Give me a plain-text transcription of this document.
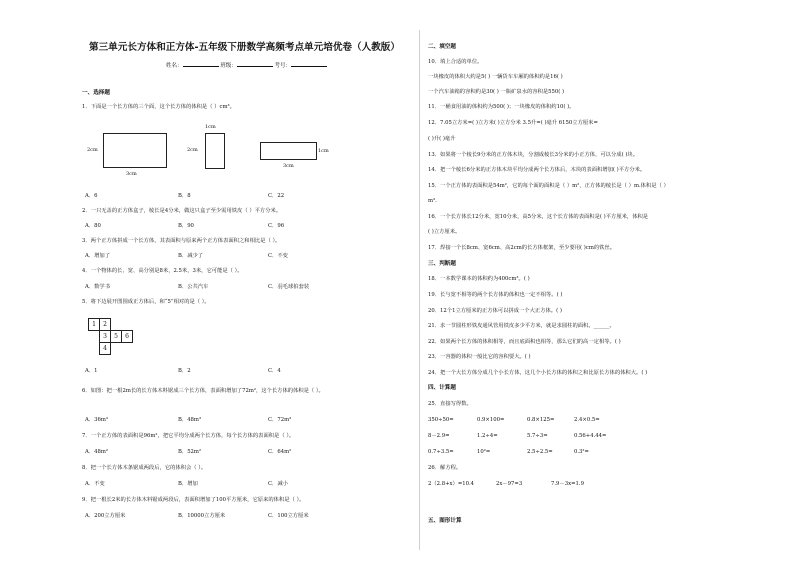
第三单元长方体和正方体-五年级下册数学高频考点单元培优卷（人教版）
姓名：	班级：	考号：
一、选择题
1．下面是一个长方体的三个面，这个长方体的体积是（ ）cm³。
2cm
3cm
1cm
2cm	1cm
3cm
A．6	B．8	C．22
2．一只无盖的正方体盒子，棱长是4分米，做这只盒子至少需用铁皮（ ）平方分米。
A．80	B．90	C．96
3．两个正方体拼成一个长方体，其表面积与原来两个正方体表面积之和相比是（ ）。
A．增加了	B．减少了	C．不变
4．一个物体的长、宽、高分别是8米，2.5米，3米，它可能是（ ）。
A．数学书	B．公共汽车	C．羽毛球拍套装
5．将下边展开图围成正方体后，和“5”相对的是（ ）。
1	2		
	3	5	6
	4		
A．1	B．2	C．4
6．如图：把一根2m长的长方体木料锯成三个长方体，表面积增加了72m²，这个长方体的体积是（ ）。
A．36m³	B．48m³	C．72m³
7．一个正方体的表面积是96m²，把它平均分成两个长方体，每个长方体的表面积是（ ）。
A．48m²	B．52m²	C．64m²
8．把一个长方体木条锯成两段后，它的体积会（ ）。
A．不变	B．增加	C．减小
9．把一根长2米的长方体木料锯成两段后，表面积增加了100平方厘米，它原来的体积是（ ）。
A．200立方厘米	B．10000立方厘米	C．100立方厘米
二、填空题
10．填上合适的单位。
一块橡皮的体积大约是5( ) 一辆货车车厢的体积约是16( )
一个汽车油箱的容积约是30( ) 一瓶矿泉水的容积是550( )
11．一桶食用油的体积约为500( )；一块橡皮的体积约10( )。
12．7.05立方米=( )立方米( )立方分米 3.5升=( )毫升 6150立方厘米=
( )升( )毫升
13．如果将一个棱长9分米的正方体木块，分割成棱长3分米的小正方体，可以分成( )块。
14．把一个棱长6分米的正方体木块平均分成两个长方体后，木块的表面积增加( )平方分米。
15．一个正方体的表面积是54m²，它的每个面的面积是（ ）m²，正方体的棱长是（ ）m.体积是（ ）
m³.
16．一个长方体长12分米，宽10分米，高5分米，这个长方体的表面积是( )平方厘米，体积是
( )立方厘米。
17．焊接一个长8cm、宽6cm、高2cm的长方体框架，至少要用( )cm的铁丝。
三、判断题
18．一本数学课本的体积约为400cm³。( )
19．长与宽不相等的两个长方体的体积也一定不相等。( )
20．12个1立方厘米的正方体可以拼成一个大正方体。( )
21．求一节圆柱形铁皮通风管用铁皮多少平方米，就是求圆柱的面积。______。
22．如果两个长方体的体积相等，而且底面积也相等，那么它们的高一定相等。( )
23．一容器的体积一般比它的容积要大。( )
24．把一个大长方体分成几个小长方体，这几个小长方体的体积之和比原长方体的体积大。( )
四、计算题
25．直接写得数。
350÷50=	0.9×100=	0.8×125=	2.4×0.5=
8－2.9=	1.2÷4=	5.7÷3=	0.56+4.44=
0.7÷3.5=	10²=	2.5÷2.5=	0.3²=
26．解方程。
2（2.8+x）=10.4	2x－97=3	7.9－3x=1.9
五、图形计算
